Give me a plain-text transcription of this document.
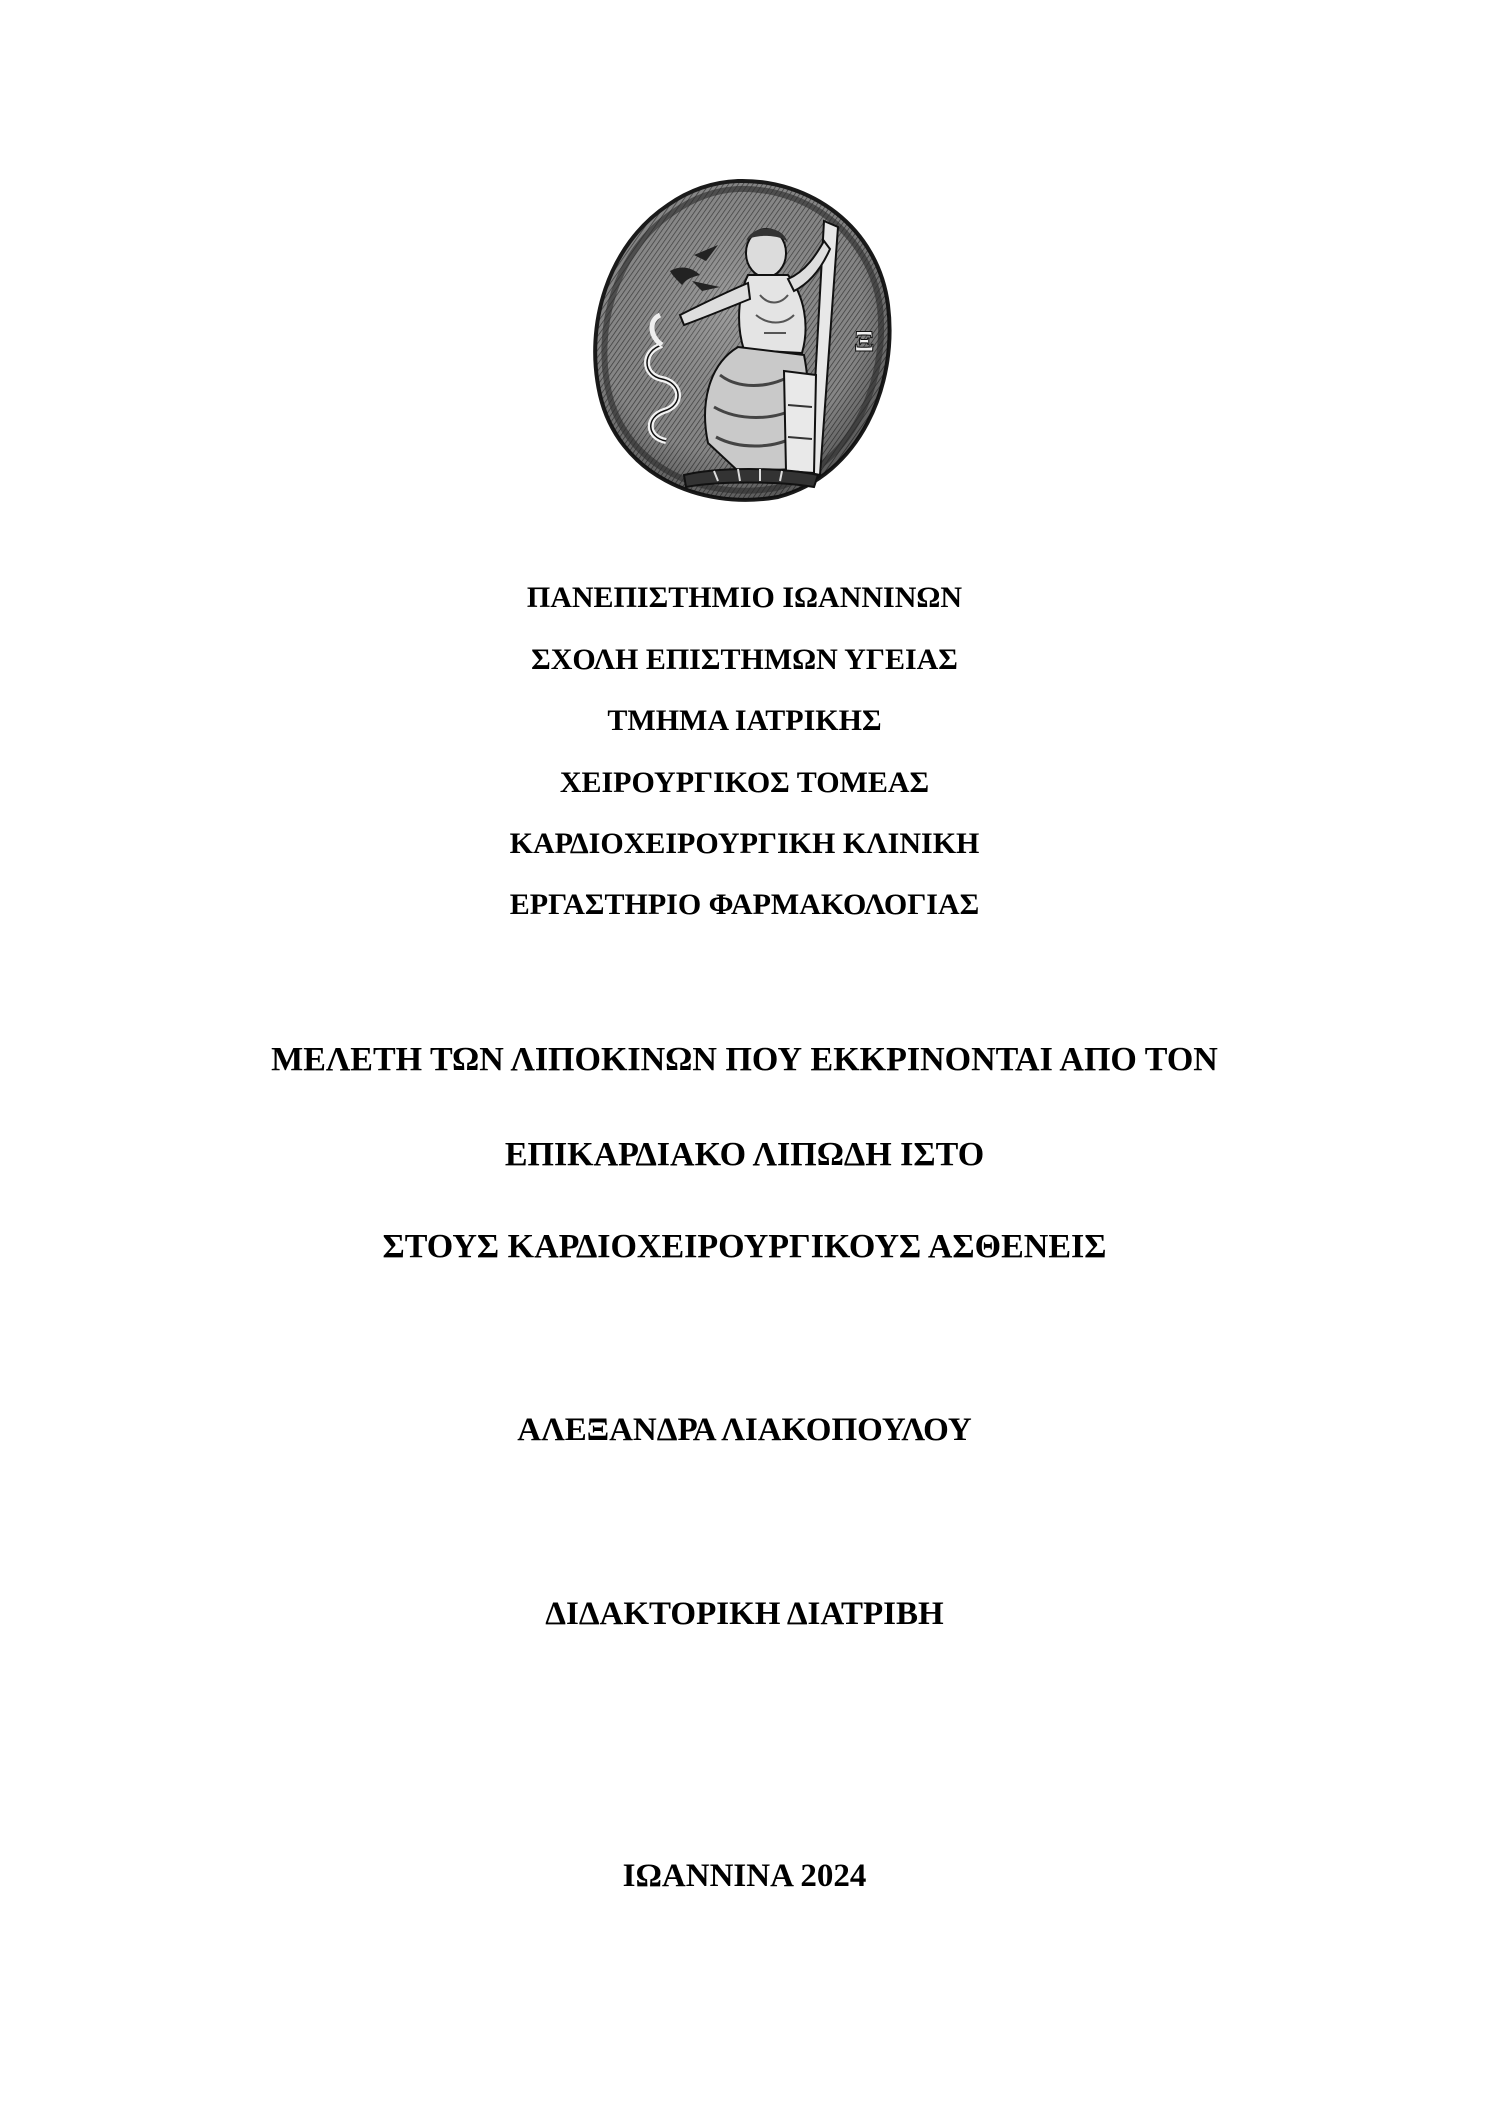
Ξ
ΠΑΝΕΠΙΣΤΗΜΙΟ ΙΩΑΝΝΙΝΩΝ
ΣΧΟΛΗ ΕΠΙΣΤΗΜΩΝ ΥΓΕΙΑΣ
ΤΜΗΜΑ ΙΑΤΡΙΚΗΣ
ΧΕΙΡΟΥΡΓΙΚΟΣ ΤΟΜΕΑΣ
ΚΑΡΔΙΟΧΕΙΡΟΥΡΓΙΚΗ ΚΛΙΝΙΚΗ
ΕΡΓΑΣΤΗΡΙΟ ΦΑΡΜΑΚΟΛΟΓΙΑΣ
ΜΕΛΕΤΗ ΤΩΝ ΛΙΠΟΚΙΝΩΝ ΠΟΥ ΕΚΚΡΙΝΟΝΤΑΙ ΑΠΟ ΤΟΝ
ΕΠΙΚΑΡΔΙΑΚΟ ΛΙΠΩΔΗ ΙΣΤΟ
ΣΤΟΥΣ ΚΑΡΔΙΟΧΕΙΡΟΥΡΓΙΚΟΥΣ ΑΣΘΕΝΕΙΣ
ΑΛΕΞΑΝΔΡΑ ΛΙΑΚΟΠΟΥΛΟΥ
ΔΙΔΑΚΤΟΡΙΚΗ ΔΙΑΤΡΙΒΗ
ΙΩΑΝΝΙΝΑ 2024
